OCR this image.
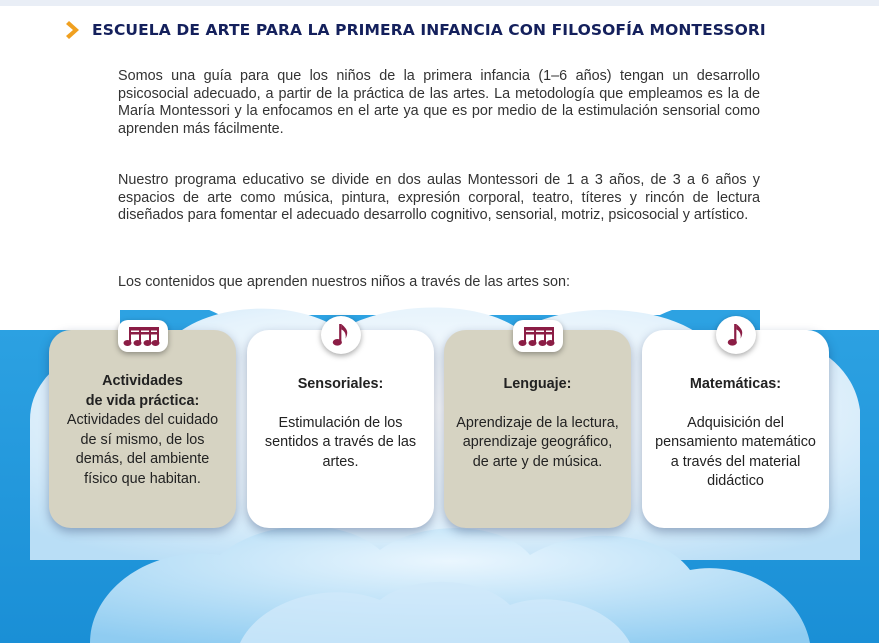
ESCUELA DE ARTE PARA LA PRIMERA INFANCIA CON FILOSOFÍA MONTESSORI

Somos una guía para que los niños de la primera infancia (1–6 años) tengan un desarrollo psicosocial adecuado, a partir de la práctica de las artes. La metodología que empleamos es la de María Montessori y la enfocamos en el arte ya que es por medio de la estimulación sensorial como aprenden más fácilmente.

Nuestro programa educativo se divide en dos aulas Montessori de 1 a 3 años, de 3 a 6 años y espacios de arte como música, pintura, expresión corporal, teatro, títeres y rincón de lectura diseñados para fomentar el adecuado desarrollo cognitivo, sensorial, motriz, psicosocial y artístico.

Los contenidos que aprenden nuestros niños a través de las artes son:

Actividades
de vida práctica:
Actividades del cuidado de sí mismo, de los demás, del ambiente físico que habitan.
Sensoriales:
Estimulación de los sentidos a través de las artes.
Lenguaje:
Aprendizaje de la lectura, aprendizaje geográfico, de arte y de música.
Matemáticas:
Adquisición del pensamiento matemático a través del material didáctico
